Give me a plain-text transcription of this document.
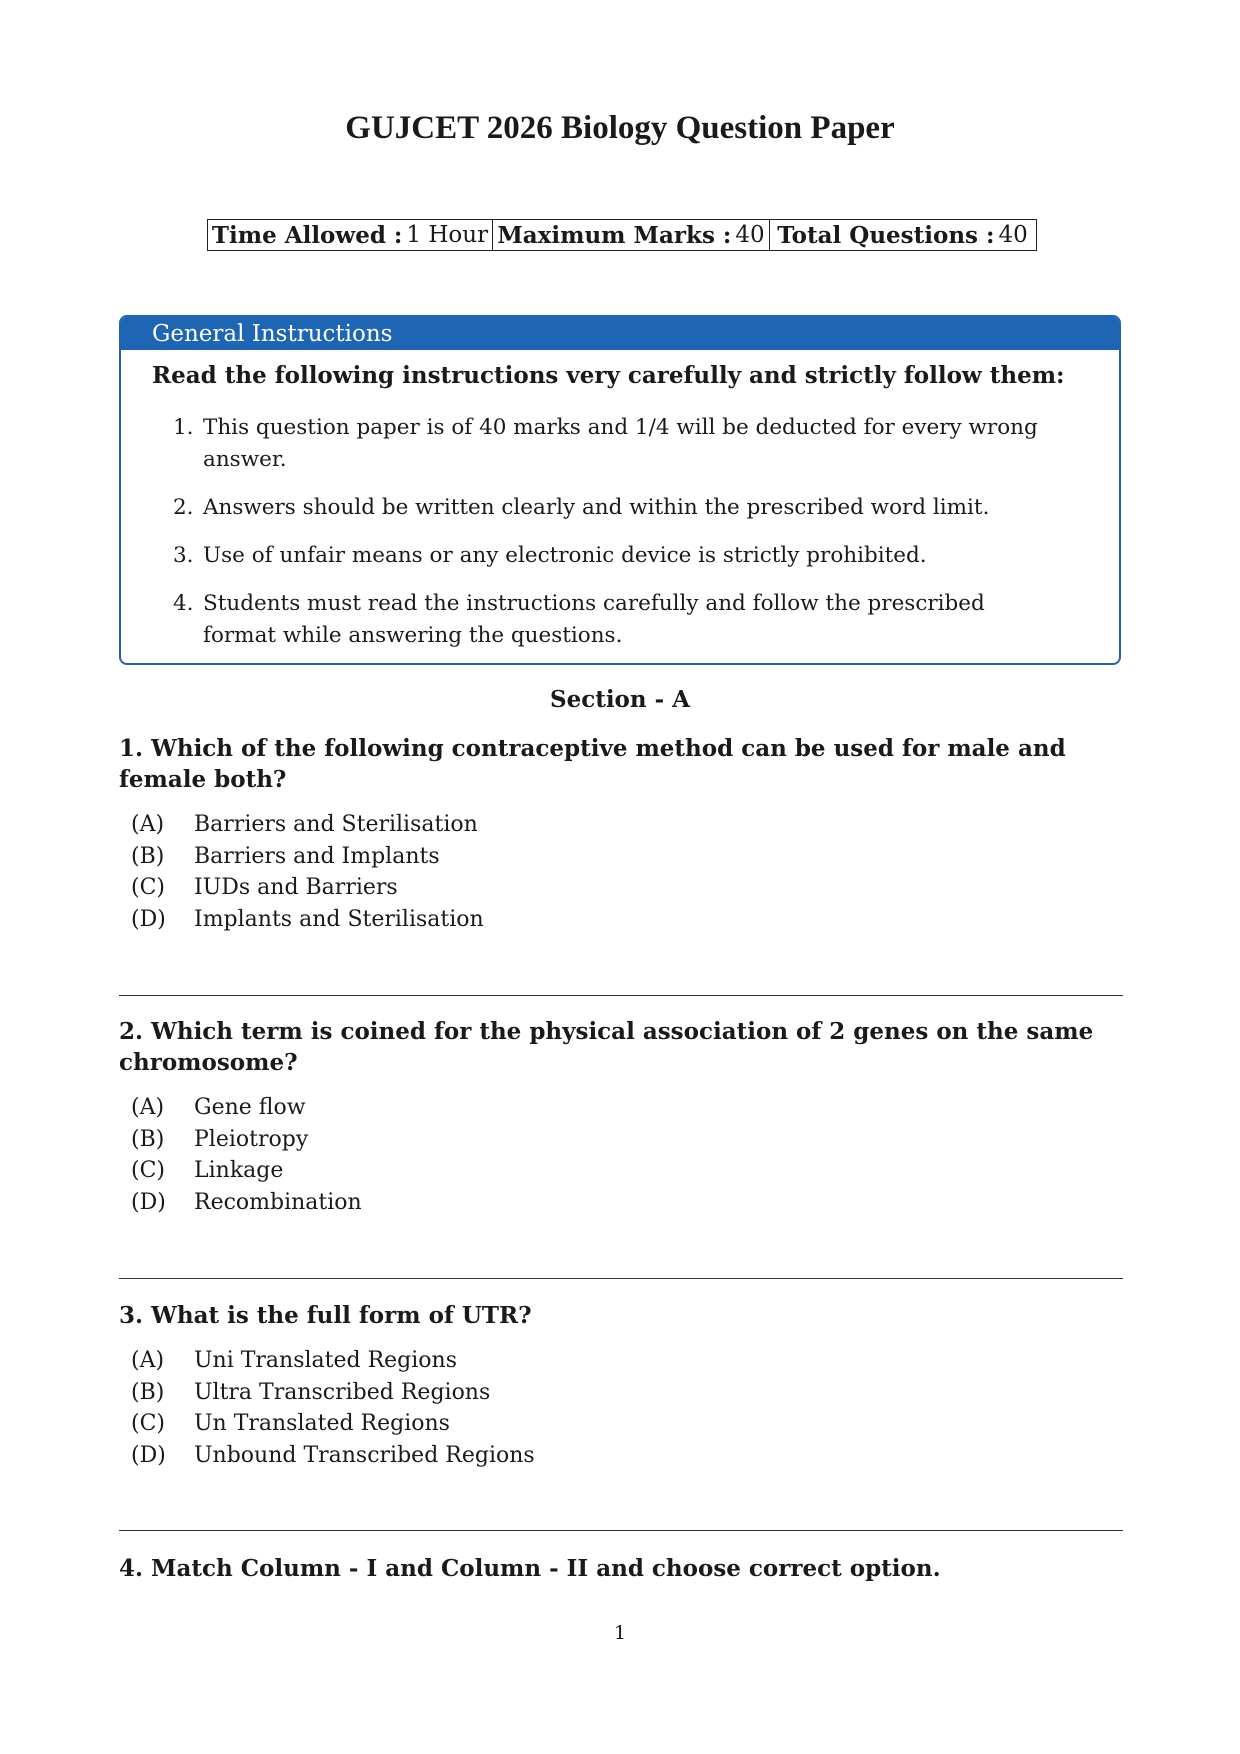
GUJCET 2026 Biology Question Paper
Time Allowed : 1 Hour Maximum Marks : 40 Total Questions : 40
General Instructions
Read the following instructions very carefully and strictly follow them:
1. This question paper is of 40 marks and 1/4 will be deducted for every wrong answer.
2. Answers should be written clearly and within the prescribed word limit.
3. Use of unfair means or any electronic device is strictly prohibited.
4. Students must read the instructions carefully and follow the prescribed format while answering the questions.
Section - A
1. Which of the following contraceptive method can be used for male and female both?
(A)	Barriers and Sterilisation
(B)	Barriers and Implants
(C)	IUDs and Barriers
(D)	Implants and Sterilisation
2. Which term is coined for the physical association of 2 genes on the same chromosome?
(A)	Gene flow
(B)	Pleiotropy
(C)	Linkage
(D)	Recombination
3. What is the full form of UTR?
(A)	Uni Translated Regions
(B)	Ultra Transcribed Regions
(C)	Un Translated Regions
(D)	Unbound Transcribed Regions
4. Match Column - I and Column - II and choose correct option.
1
